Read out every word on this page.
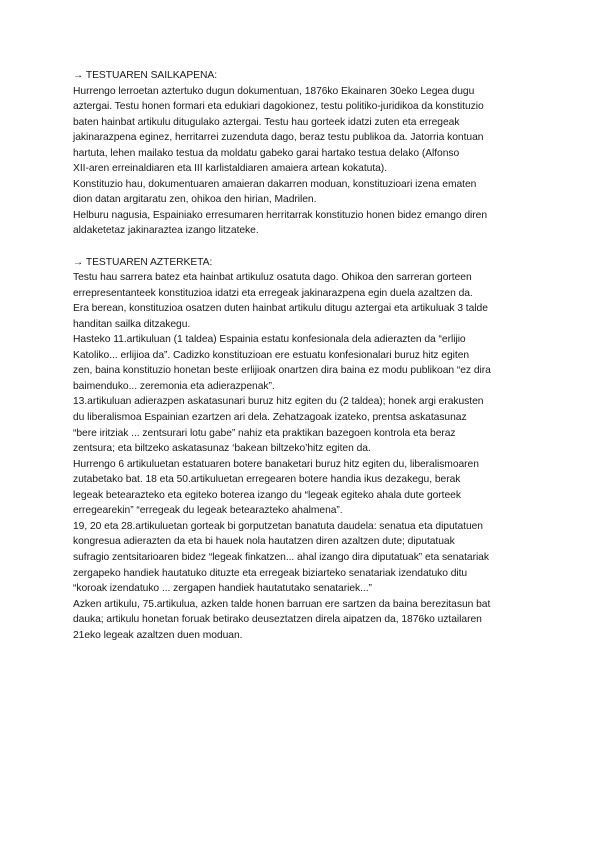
→ TESTUAREN SAILKAPENA:

Hurrengo lerroetan aztertuko dugun dokumentuan, 1876ko Ekainaren 30eko Legea dugu

aztergai. Testu honen formari eta edukiari dagokionez, testu politiko-juridikoa da konstituzio

baten hainbat artikulu ditugulako aztergai. Testu hau gorteek idatzi zuten eta erregeak

jakinarazpena eginez, herritarrei zuzenduta dago, beraz testu publikoa da. Jatorria kontuan

hartuta, lehen mailako testua da moldatu gabeko garai hartako testua delako (Alfonso

XII-aren erreinaldiaren eta III karlistaldiaren amaiera artean kokatuta).

Konstituzio hau, dokumentuaren amaieran dakarren moduan, konstituzioari izena ematen

dion datan argitaratu zen, ohikoa den hirian, Madrilen.

Helburu nagusia, Espainiako erresumaren herritarrak konstituzio honen bidez emango diren

aldaketetaz jakinaraztea izango litzateke.

→ TESTUAREN AZTERKETA:

Testu hau sarrera batez eta hainbat artikuluz osatuta dago. Ohikoa den sarreran gorteen

errepresentanteek konstituzioa idatzi eta erregeak jakinarazpena egin duela azaltzen da.

Era berean, konstituzioa osatzen duten hainbat artikulu ditugu aztergai eta artikuluak 3 talde

handitan sailka ditzakegu.

Hasteko 11.artikuluan (1 taldea) Espainia estatu konfesionala dela adierazten da “erlijio

Katoliko... erlijioa da”. Cadizko konstituzioan ere estuatu konfesionalari buruz hitz egiten

zen, baina konstituzio honetan beste erlijioak onartzen dira baina ez modu publikoan “ez dira

baimenduko... zeremonia eta adierazpenak”.

13.artikuluan adierazpen askatasunari buruz hitz egiten du (2 taldea); honek argi erakusten

du liberalismoa Espainian ezartzen ari dela. Zehatzagoak izateko, prentsa askatasunaz

“bere iritziak ... zentsurari lotu gabe” nahiz eta praktikan bazegoen kontrola eta beraz

zentsura; eta biltzeko askatasunaz ‘bakean biltzeko’hitz egiten da.

Hurrengo 6 artikuluetan estatuaren botere banaketari buruz hitz egiten du, liberalismoaren

zutabetako bat. 18 eta 50.artikuluetan erregearen botere handia ikus dezakegu, berak

legeak betearazteko eta egiteko boterea izango du “legeak egiteko ahala dute gorteek

erregearekin” “erregeak du legeak betearazteko ahalmena”.

19, 20 eta 28.artikuluetan gorteak bi gorputzetan banatuta daudela: senatua eta diputatuen

kongresua adierazten da eta bi hauek nola hautatzen diren azaltzen dute; diputatuak

sufragio zentsitarioaren bidez “legeak finkatzen... ahal izango dira diputatuak” eta senatariak

zergapeko handiek hautatuko dituzte eta erregeak biziarteko senatariak izendatuko ditu

“koroak izendatuko ... zergapen handiek hautatutako senatariek...”

Azken artikulu, 75.artikulua, azken talde honen barruan ere sartzen da baina berezitasun bat

dauka; artikulu honetan foruak betirako deuseztatzen direla aipatzen da, 1876ko uztailaren

21eko legeak azaltzen duen moduan.
